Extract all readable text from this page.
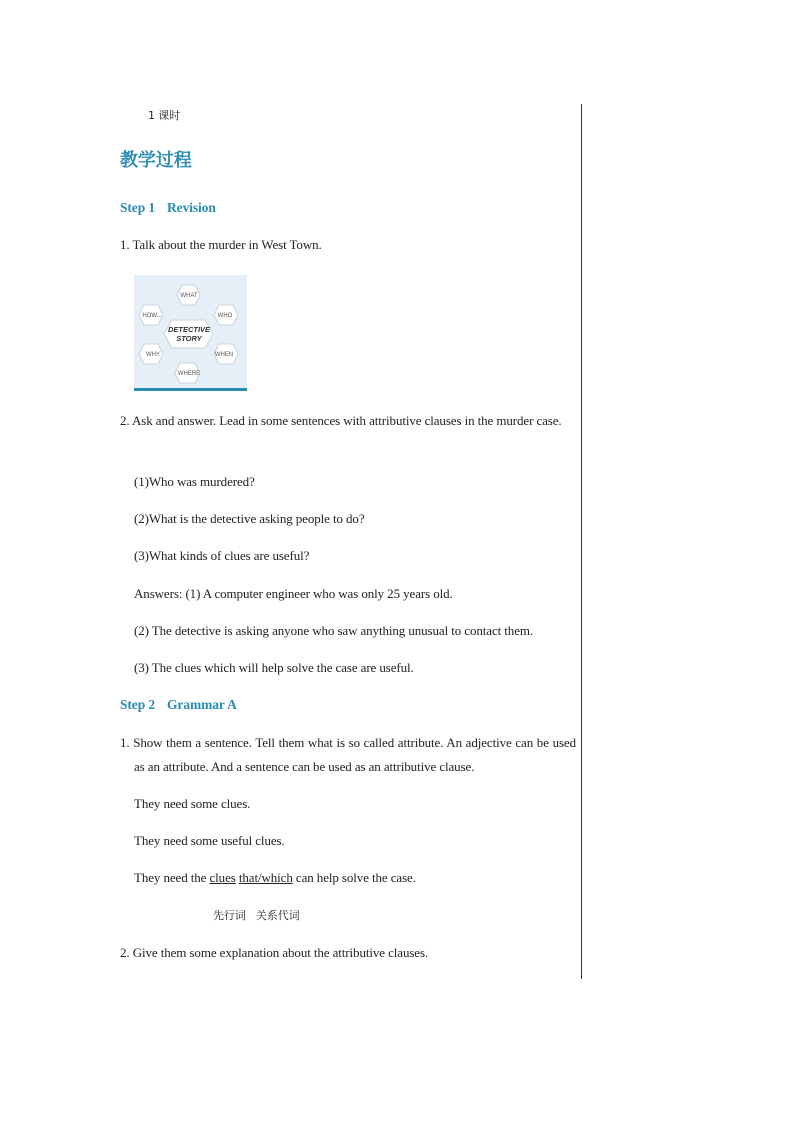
1 课时
教学过程
Step 1 Revision
1. Talk about the murder in West Town.
WHAT
HOW...	WHO
WHY	WHEN
WHERE
DETECTIVE
STORY
2. Ask and answer. Lead in some sentences with attributive clauses in the murder case.
(1)Who was murdered?
(2)What is the detective asking people to do?
(3)What kinds of clues are useful?
Answers: (1) A computer engineer who was only 25 years old.
(2) The detective is asking anyone who saw anything unusual to contact them.
(3) The clues which will help solve the case are useful.
Step 2 Grammar A
1. Show them a sentence. Tell them what is so called attribute. An adjective can be used as an attribute. And a sentence can be used as an attributive clause.
They need some clues.
They need some useful clues.
They need the clues that/which can help solve the case.
先行词   关系代词
2. Give them some explanation about the attributive clauses.
